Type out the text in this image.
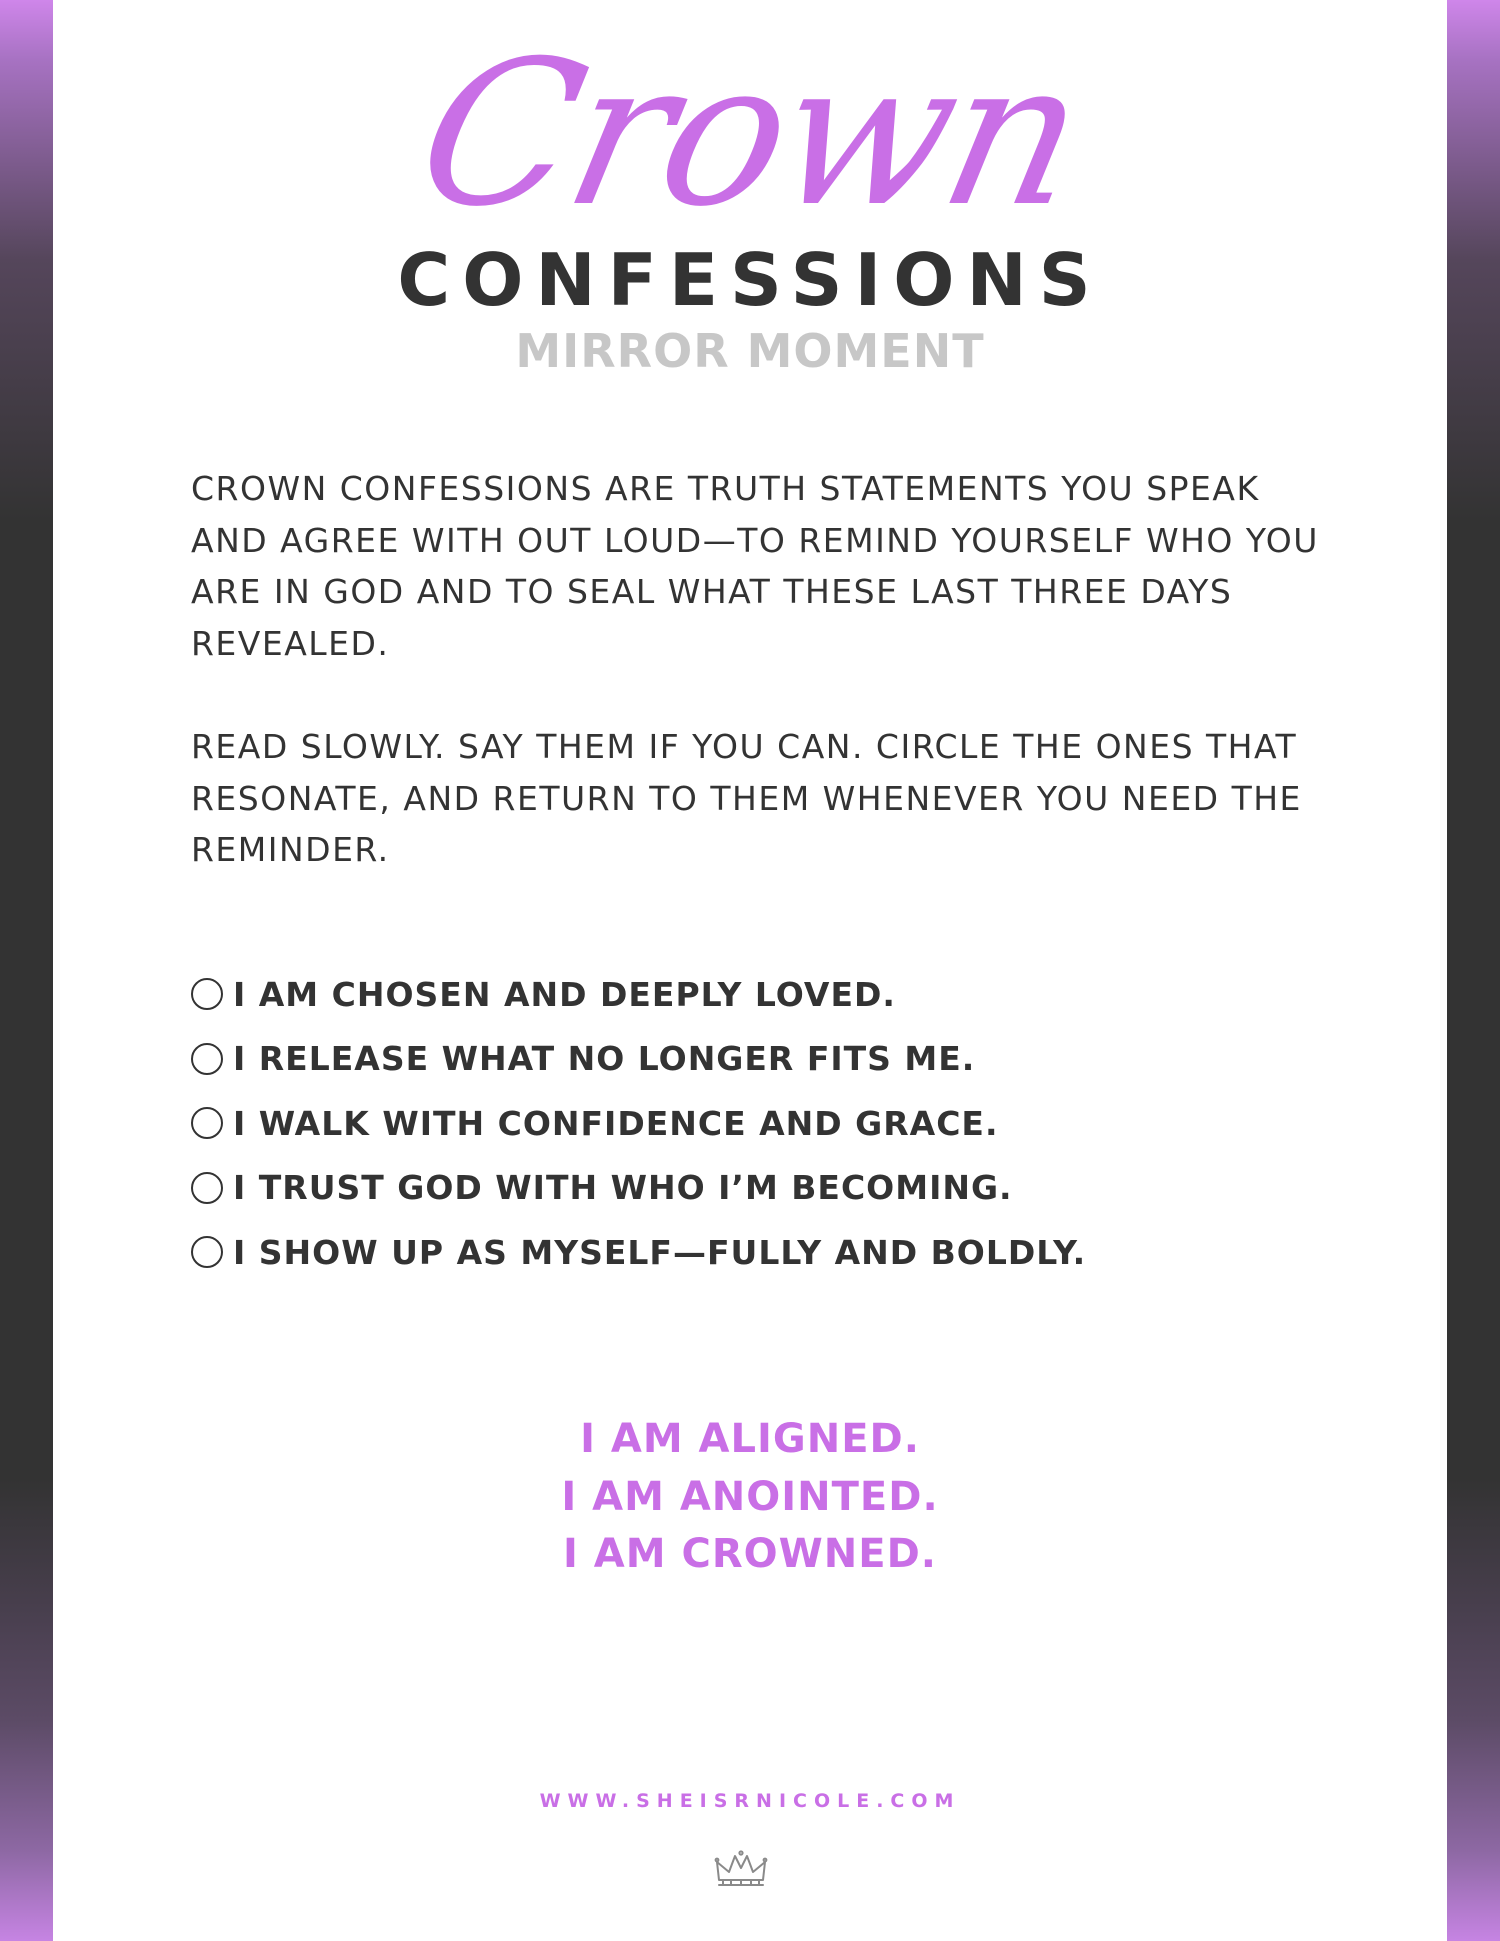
Crown
CONFESSIONS
MIRROR MOMENT

CROWN CONFESSIONS ARE TRUTH STATEMENTS YOU SPEAK AND AGREE WITH OUT LOUD—TO REMIND YOURSELF WHO YOU ARE IN GOD AND TO SEAL WHAT THESE LAST THREE DAYS REVEALED.

READ SLOWLY. SAY THEM IF YOU CAN. CIRCLE THE ONES THAT RESONATE, AND RETURN TO THEM WHENEVER YOU NEED THE REMINDER.

I AM CHOSEN AND DEEPLY LOVED.
I RELEASE WHAT NO LONGER FITS ME.
I WALK WITH CONFIDENCE AND GRACE.
I TRUST GOD WITH WHO I’M BECOMING.
I SHOW UP AS MYSELF—FULLY AND BOLDLY.
I AM ALIGNED.
I AM ANOINTED.
I AM CROWNED.
WWW.SHEISRNICOLE.COM
